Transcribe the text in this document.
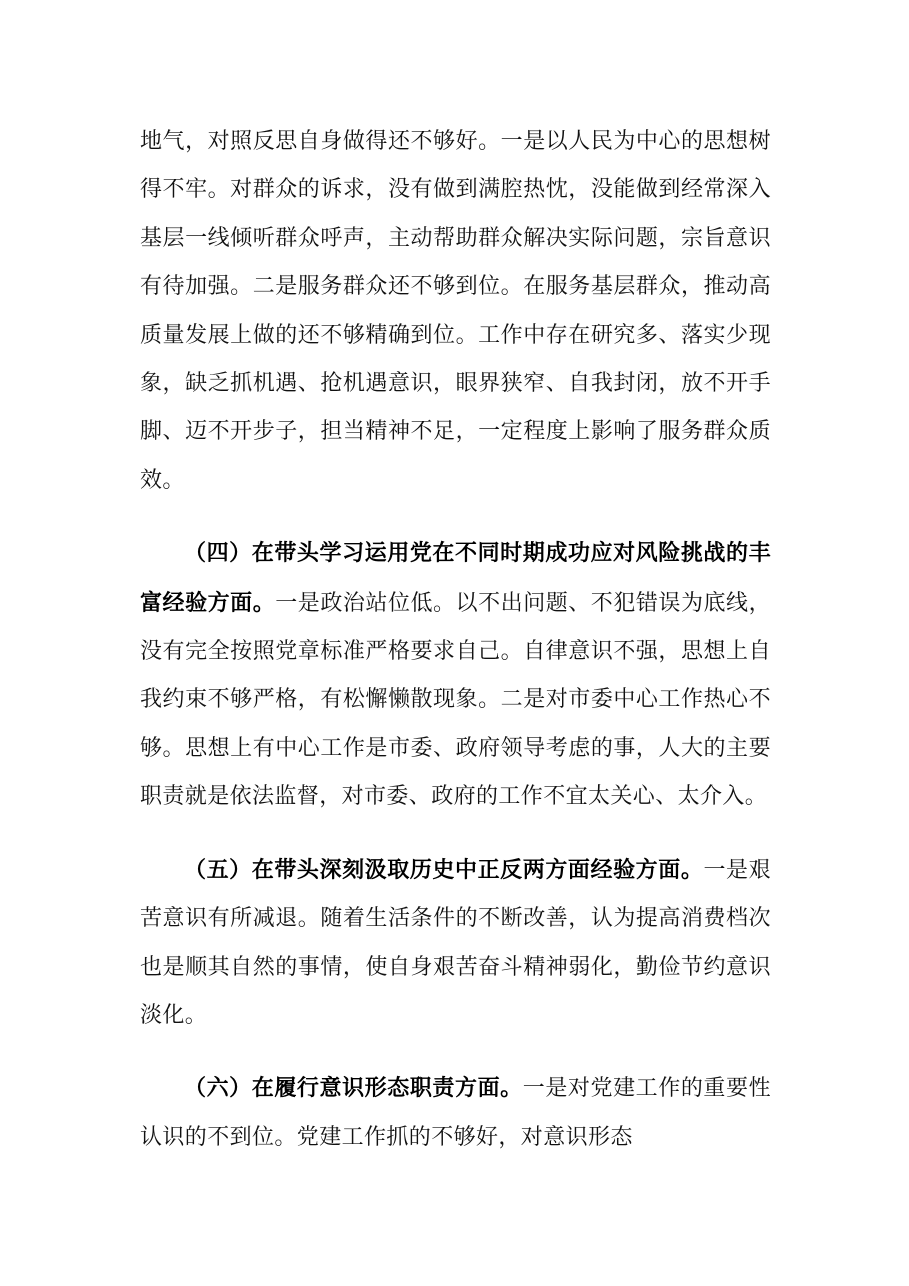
地气，对照反思自身做得还不够好。一是以人民为中心的思想树得不牢。对群众的诉求，没有做到满腔热忱，没能做到经常深入基层一线倾听群众呼声，主动帮助群众解决实际问题，宗旨意识有待加强。二是服务群众还不够到位。在服务基层群众，推动高质量发展上做的还不够精确到位。工作中存在研究多、落实少现象，缺乏抓机遇、抢机遇意识，眼界狭窄、自我封闭，放不开手脚、迈不开步子，担当精神不足，一定程度上影响了服务群众质效。

（四）在带头学习运用党在不同时期成功应对风险挑战的丰富经验方面。一是政治站位低。以不出问题、不犯错误为底线，没有完全按照党章标准严格要求自己。自律意识不强，思想上自我约束不够严格，有松懈懒散现象。二是对市委中心工作热心不够。思想上有中心工作是市委、政府领导考虑的事，人大的主要职责就是依法监督，对市委、政府的工作不宜太关心、太介入。

（五）在带头深刻汲取历史中正反两方面经验方面。一是艰苦意识有所减退。随着生活条件的不断改善，认为提高消费档次也是顺其自然的事情，使自身艰苦奋斗精神弱化，勤俭节约意识淡化。

（六）在履行意识形态职责方面。一是对党建工作的重要性认识的不到位。党建工作抓的不够好，对意识形态
